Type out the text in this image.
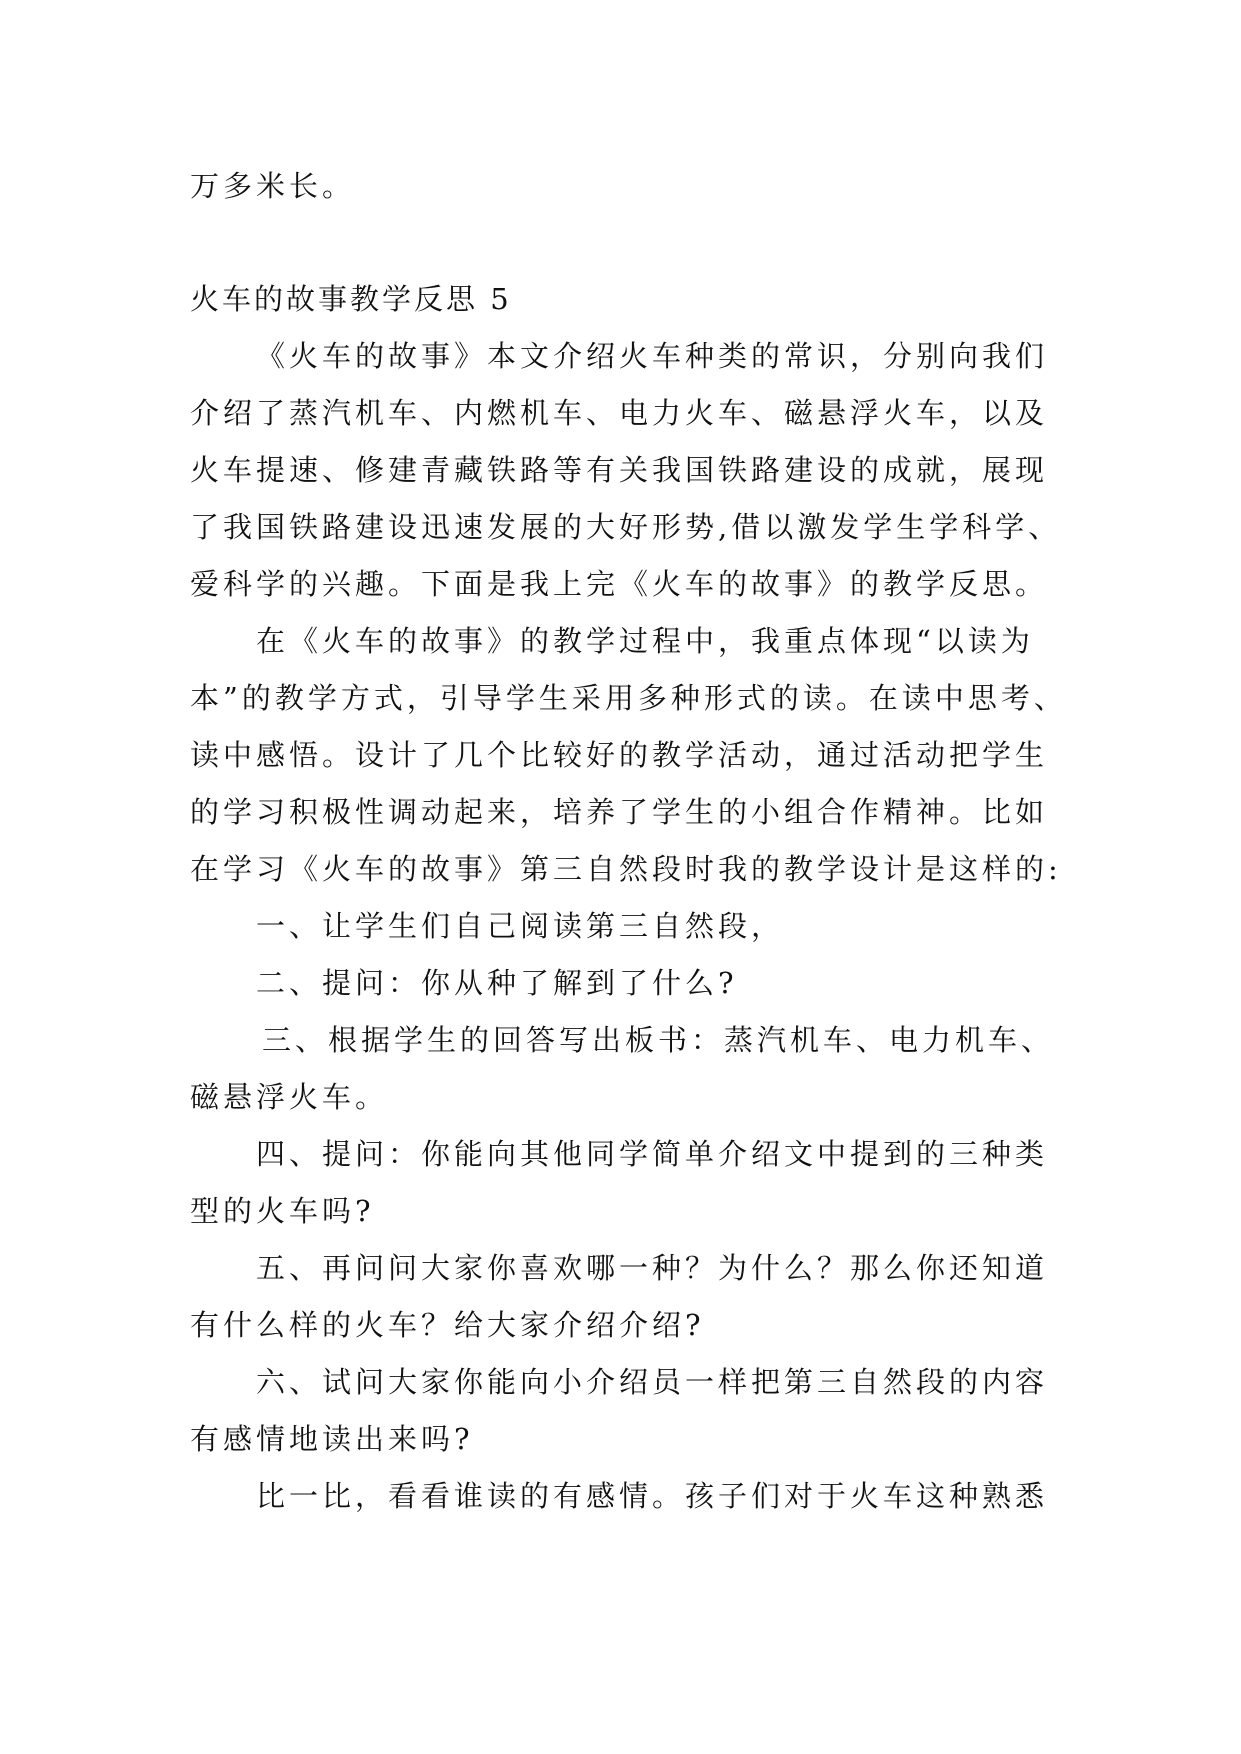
万多米长。
火车的故事教学反思 5
《火车的故事》本文介绍火车种类的常识，分别向我们
介绍了蒸汽机车、内燃机车、电力火车、磁悬浮火车，以及
火车提速、修建青藏铁路等有关我国铁路建设的成就，展现
了我国铁路建设迅速发展的大好形势,借以激发学生学科学、
爱科学的兴趣。下面是我上完《火车的故事》的教学反思。
在《火车的故事》的教学过程中，我重点体现“以读为
本”的教学方式，引导学生采用多种形式的读。在读中思考、
读中感悟。设计了几个比较好的教学活动，通过活动把学生
的学习积极性调动起来，培养了学生的小组合作精神。比如
在学习《火车的故事》第三自然段时我的教学设计是这样的:
一、让学生们自己阅读第三自然段，
二、提问：你从种了解到了什么?
三、根据学生的回答写出板书：蒸汽机车、电力机车、
磁悬浮火车。
四、提问：你能向其他同学简单介绍文中提到的三种类
型的火车吗?
五、再问问大家你喜欢哪一种？为什么？那么你还知道
有什么样的火车？给大家介绍介绍?
六、试问大家你能向小介绍员一样把第三自然段的内容
有感情地读出来吗?
比一比，看看谁读的有感情。孩子们对于火车这种熟悉
